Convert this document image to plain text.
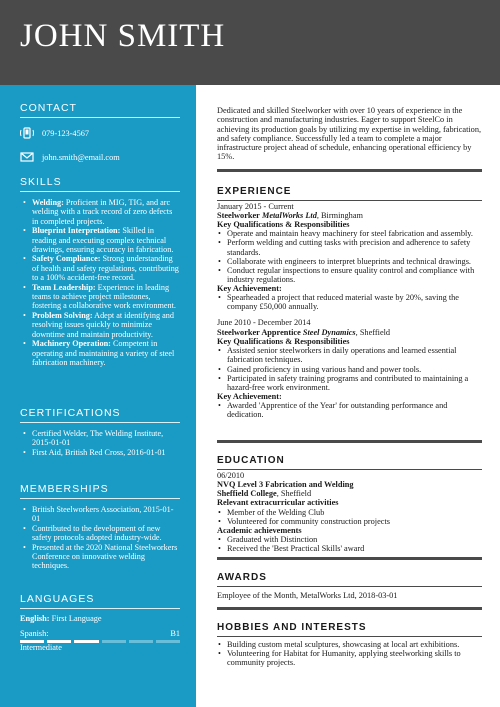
JOHN SMITH
CONTACT
079-123-4567
john.smith@email.com
SKILLS
• Welding: Proficient in MIG, TIG, and arc welding with a track record of zero defects in completed projects.
• Blueprint Interpretation: Skilled in reading and executing complex technical drawings, ensuring accuracy in fabrication.
• Safety Compliance: Strong understanding of health and safety regulations, contributing to a 100% accident-free record.
• Team Leadership: Experience in leading teams to achieve project milestones, fostering a collaborative work environment.
• Problem Solving: Adept at identifying and resolving issues quickly to minimize downtime and maintain productivity.
• Machinery Operation: Competent in operating and maintaining a variety of steel fabrication machinery.
CERTIFICATIONS
• Certified Welder, The Welding Institute, 2015-01-01
• First Aid, British Red Cross, 2016-01-01
MEMBERSHIPS
• British Steelworkers Association, 2015-01-01
• Contributed to the development of new safety protocols adopted industry-wide.
• Presented at the 2020 National Steelworkers Conference on innovative welding techniques.
LANGUAGES
English: First Language
Spanish:	B1
Intermediate
Dedicated and skilled Steelworker with over 10 years of experience in the construction and manufacturing industries. Eager to support SteelCo in achieving its production goals by utilizing my expertise in welding, fabrication, and safety compliance. Successfully led a team to complete a major infrastructure project ahead of schedule, enhancing operational efficiency by 15%.
EXPERIENCE
January 2015 - Current
Steelworker MetalWorks Ltd, Birmingham
Key Qualifications & Responsibilities
• Operate and maintain heavy machinery for steel fabrication and assembly.
• Perform welding and cutting tasks with precision and adherence to safety standards.
• Collaborate with engineers to interpret blueprints and technical drawings.
• Conduct regular inspections to ensure quality control and compliance with industry regulations.
Key Achievement:
• Spearheaded a project that reduced material waste by 20%, saving the company £50,000 annually.
June 2010 - December 2014
Steelworker Apprentice Steel Dynamics, Sheffield
Key Qualifications & Responsibilities
• Assisted senior steelworkers in daily operations and learned essential fabrication techniques.
• Gained proficiency in using various hand and power tools.
• Participated in safety training programs and contributed to maintaining a hazard-free work environment.
Key Achievement:
• Awarded 'Apprentice of the Year' for outstanding performance and dedication.
EDUCATION
06/2010
NVQ Level 3 Fabrication and Welding
Sheffield College, Sheffield
Relevant extracurricular activities
• Member of the Welding Club
• Volunteered for community construction projects
Academic achievements
• Graduated with Distinction
• Received the 'Best Practical Skills' award
AWARDS
Employee of the Month, MetalWorks Ltd, 2018-03-01
HOBBIES AND INTERESTS
• Building custom metal sculptures, showcasing at local art exhibitions.
• Volunteering for Habitat for Humanity, applying steelworking skills to community projects.
